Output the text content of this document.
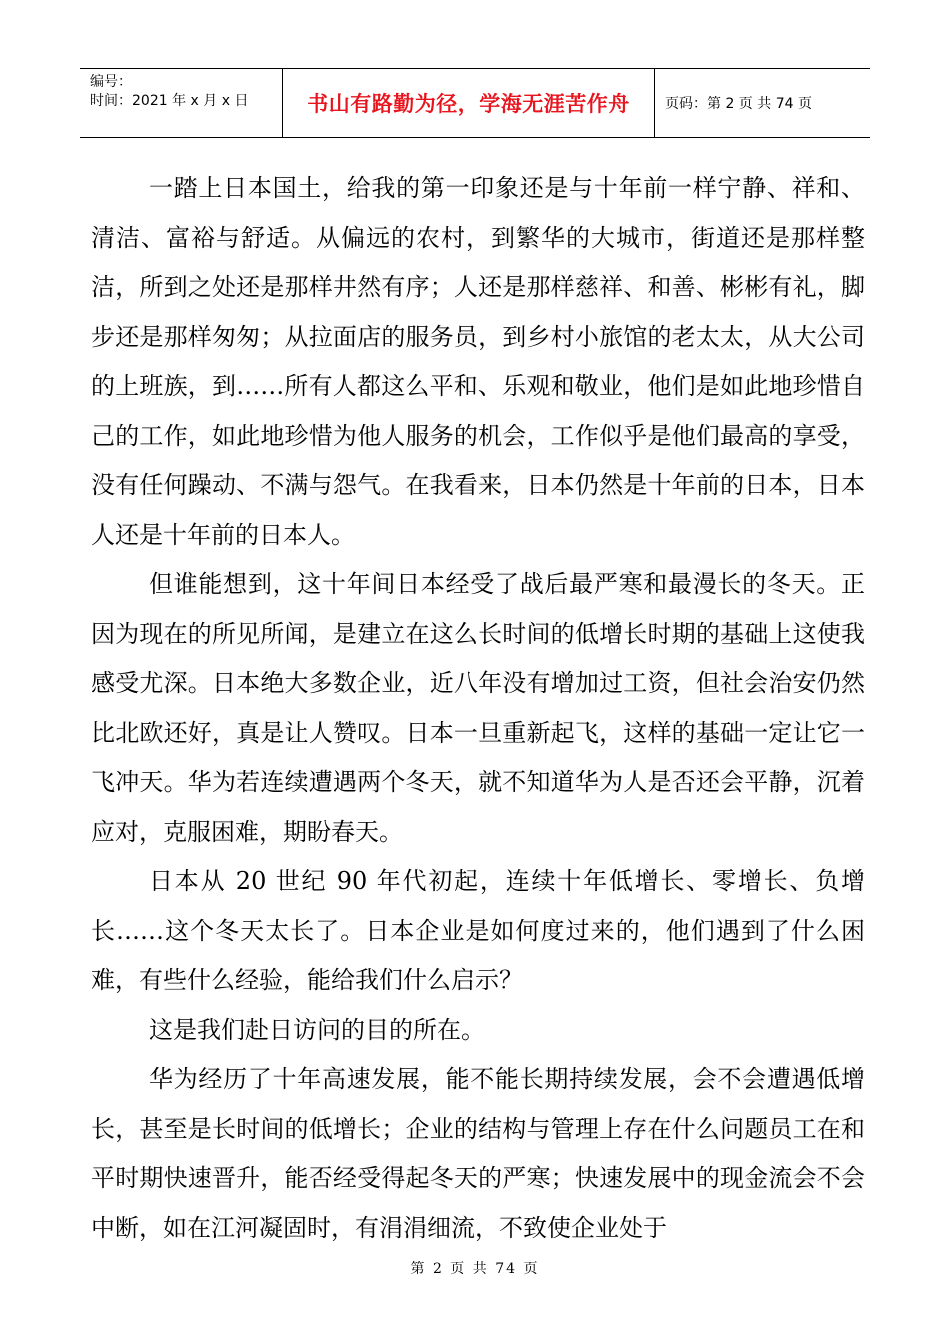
编号：
时间：2021 年 x 月 x 日	书山有路勤为径，学海无涯苦作舟	页码：第 2 页 共 74 页

一踏上日本国土，给我的第一印象还是与十年前一样宁静、祥和、清洁、富裕与舒适。从偏远的农村，到繁华的大城市，街道还是那样整洁，所到之处还是那样井然有序；人还是那样慈祥、和善、彬彬有礼，脚步还是那样匆匆；从拉面店的服务员，到乡村小旅馆的老太太，从大公司的上班族，到……所有人都这么平和、乐观和敬业，他们是如此地珍惜自己的工作，如此地珍惜为他人服务的机会，工作似乎是他们最高的享受，没有任何躁动、不满与怨气。在我看来，日本仍然是十年前的日本，日本人还是十年前的日本人。

但谁能想到，这十年间日本经受了战后最严寒和最漫长的冬天。正因为现在的所见所闻，是建立在这么长时间的低增长时期的基础上这使我感受尤深。日本绝大多数企业，近八年没有增加过工资，但社会治安仍然比北欧还好，真是让人赞叹。日本一旦重新起飞，这样的基础一定让它一飞冲天。华为若连续遭遇两个冬天，就不知道华为人是否还会平静，沉着应对，克服困难，期盼春天。

日本从 20 世纪 90 年代初起，连续十年低增长、零增长、负增长……这个冬天太长了。日本企业是如何度过来的，他们遇到了什么困难，有些什么经验，能给我们什么启示？

这是我们赴日访问的目的所在。

华为经历了十年高速发展，能不能长期持续发展，会不会遭遇低增长，甚至是长时间的低增长；企业的结构与管理上存在什么问题员工在和平时期快速晋升，能否经受得起冬天的严寒；快速发展中的现金流会不会中断，如在江河凝固时，有涓涓细流，不致使企业处于

第 2 页 共 74 页
